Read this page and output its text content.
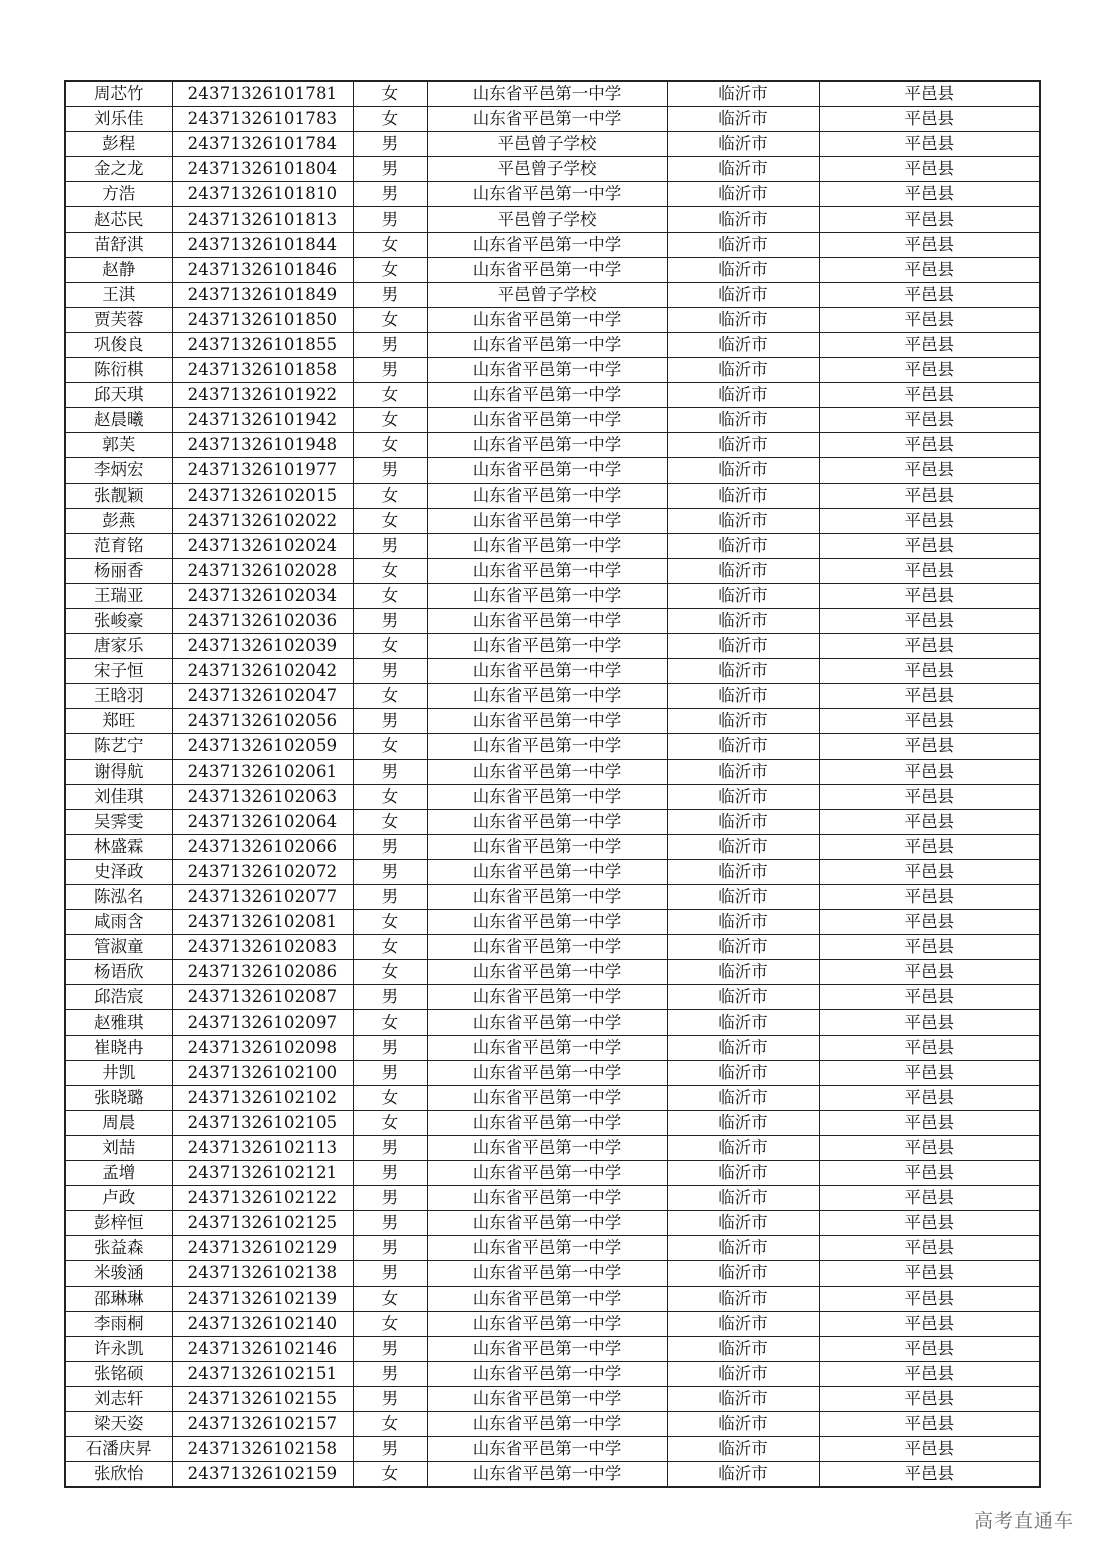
周芯竹	24371326101781	女	山东省平邑第一中学	临沂市	平邑县
刘乐佳	24371326101783	女	山东省平邑第一中学	临沂市	平邑县
彭程	24371326101784	男	平邑曾子学校	临沂市	平邑县
金之龙	24371326101804	男	平邑曾子学校	临沂市	平邑县
方浩	24371326101810	男	山东省平邑第一中学	临沂市	平邑县
赵芯民	24371326101813	男	平邑曾子学校	临沂市	平邑县
苗舒淇	24371326101844	女	山东省平邑第一中学	临沂市	平邑县
赵静	24371326101846	女	山东省平邑第一中学	临沂市	平邑县
王淇	24371326101849	男	平邑曾子学校	临沂市	平邑县
贾芙蓉	24371326101850	女	山东省平邑第一中学	临沂市	平邑县
巩俊良	24371326101855	男	山东省平邑第一中学	临沂市	平邑县
陈衍棋	24371326101858	男	山东省平邑第一中学	临沂市	平邑县
邱天琪	24371326101922	女	山东省平邑第一中学	临沂市	平邑县
赵晨曦	24371326101942	女	山东省平邑第一中学	临沂市	平邑县
郭芙	24371326101948	女	山东省平邑第一中学	临沂市	平邑县
李炳宏	24371326101977	男	山东省平邑第一中学	临沂市	平邑县
张靓颖	24371326102015	女	山东省平邑第一中学	临沂市	平邑县
彭燕	24371326102022	女	山东省平邑第一中学	临沂市	平邑县
范育铭	24371326102024	男	山东省平邑第一中学	临沂市	平邑县
杨丽香	24371326102028	女	山东省平邑第一中学	临沂市	平邑县
王瑞亚	24371326102034	女	山东省平邑第一中学	临沂市	平邑县
张峻豪	24371326102036	男	山东省平邑第一中学	临沂市	平邑县
唐家乐	24371326102039	女	山东省平邑第一中学	临沂市	平邑县
宋子恒	24371326102042	男	山东省平邑第一中学	临沂市	平邑县
王晗羽	24371326102047	女	山东省平邑第一中学	临沂市	平邑县
郑旺	24371326102056	男	山东省平邑第一中学	临沂市	平邑县
陈艺宁	24371326102059	女	山东省平邑第一中学	临沂市	平邑县
谢得航	24371326102061	男	山东省平邑第一中学	临沂市	平邑县
刘佳琪	24371326102063	女	山东省平邑第一中学	临沂市	平邑县
吴霁雯	24371326102064	女	山东省平邑第一中学	临沂市	平邑县
林盛霖	24371326102066	男	山东省平邑第一中学	临沂市	平邑县
史泽政	24371326102072	男	山东省平邑第一中学	临沂市	平邑县
陈泓名	24371326102077	男	山东省平邑第一中学	临沂市	平邑县
咸雨含	24371326102081	女	山东省平邑第一中学	临沂市	平邑县
管淑童	24371326102083	女	山东省平邑第一中学	临沂市	平邑县
杨语欣	24371326102086	女	山东省平邑第一中学	临沂市	平邑县
邱浩宸	24371326102087	男	山东省平邑第一中学	临沂市	平邑县
赵雅琪	24371326102097	女	山东省平邑第一中学	临沂市	平邑县
崔晓冉	24371326102098	男	山东省平邑第一中学	临沂市	平邑县
井凯	24371326102100	男	山东省平邑第一中学	临沂市	平邑县
张晓璐	24371326102102	女	山东省平邑第一中学	临沂市	平邑县
周晨	24371326102105	女	山东省平邑第一中学	临沂市	平邑县
刘喆	24371326102113	男	山东省平邑第一中学	临沂市	平邑县
孟增	24371326102121	男	山东省平邑第一中学	临沂市	平邑县
卢政	24371326102122	男	山东省平邑第一中学	临沂市	平邑县
彭梓恒	24371326102125	男	山东省平邑第一中学	临沂市	平邑县
张益森	24371326102129	男	山东省平邑第一中学	临沂市	平邑县
米骏涵	24371326102138	男	山东省平邑第一中学	临沂市	平邑县
邵琳琳	24371326102139	女	山东省平邑第一中学	临沂市	平邑县
李雨桐	24371326102140	女	山东省平邑第一中学	临沂市	平邑县
许永凯	24371326102146	男	山东省平邑第一中学	临沂市	平邑县
张铭硕	24371326102151	男	山东省平邑第一中学	临沂市	平邑县
刘志轩	24371326102155	男	山东省平邑第一中学	临沂市	平邑县
梁天姿	24371326102157	女	山东省平邑第一中学	临沂市	平邑县
石潘庆昇	24371326102158	男	山东省平邑第一中学	临沂市	平邑县
张欣怡	24371326102159	女	山东省平邑第一中学	临沂市	平邑县
高考直通车
